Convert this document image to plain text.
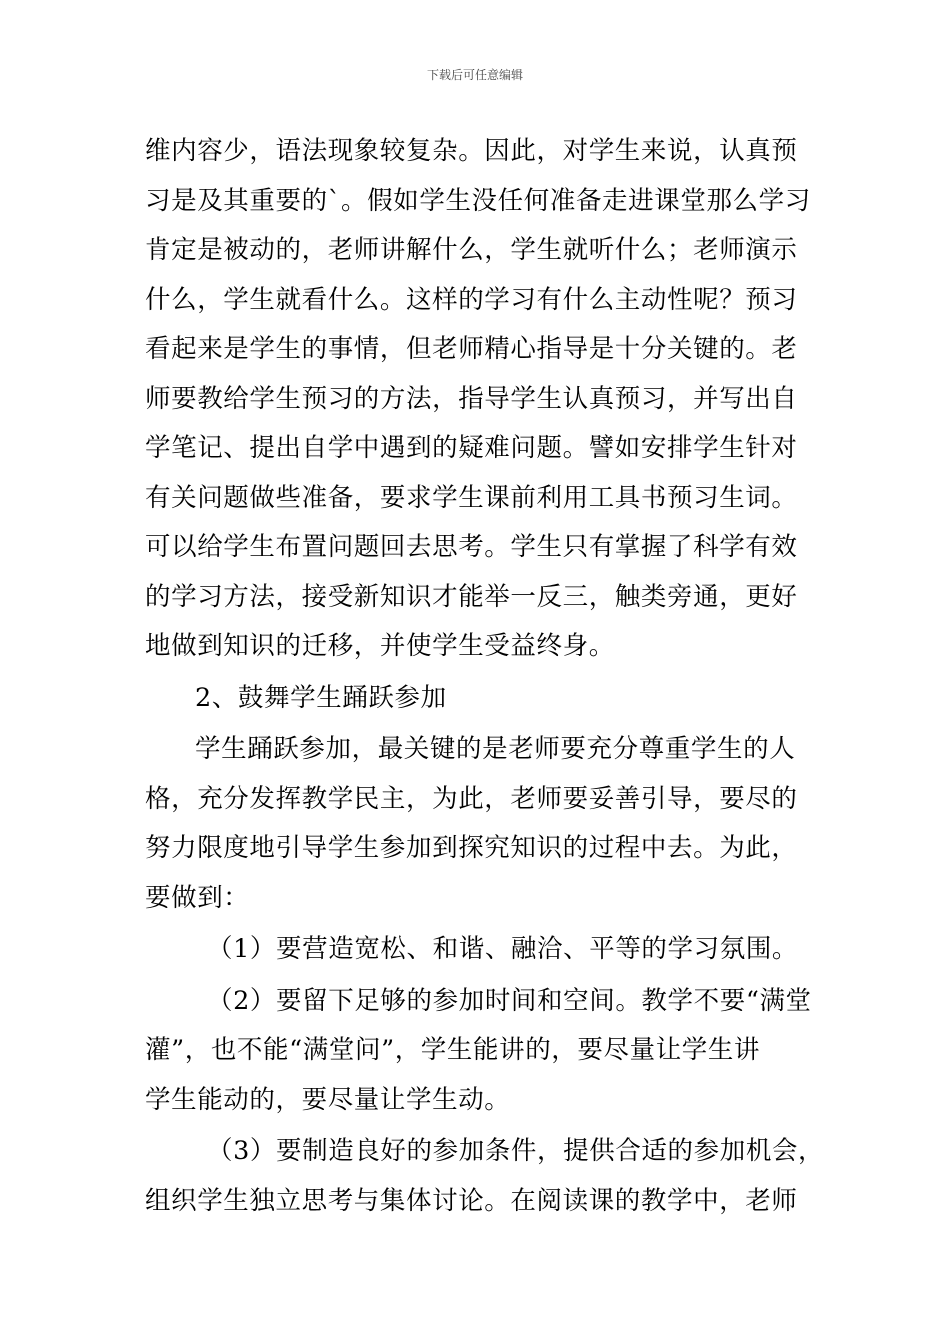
下载后可任意编辑
维内容少，语法现象较复杂。因此，对学生来说，认真预
习是及其重要的`。假如学生没任何准备走进课堂那么学习
肯定是被动的，老师讲解什么，学生就听什么；老师演示
什么，学生就看什么。这样的学习有什么主动性呢？预习
看起来是学生的事情，但老师精心指导是十分关键的。老
师要教给学生预习的方法，指导学生认真预习，并写出自
学笔记、提出自学中遇到的疑难问题。譬如安排学生针对
有关问题做些准备，要求学生课前利用工具书预习生词。
可以给学生布置问题回去思考。学生只有掌握了科学有效
的学习方法，接受新知识才能举一反三，触类旁通，更好
地做到知识的迁移，并使学生受益终身。
2、鼓舞学生踊跃参加
学生踊跃参加，最关键的是老师要充分尊重学生的人
格，充分发挥教学民主，为此，老师要妥善引导，要尽的
努力限度地引导学生参加到探究知识的过程中去。为此，
要做到：
（1）要营造宽松、和谐、融洽、平等的学习氛围。
（2）要留下足够的参加时间和空间。教学不要“满堂
灌”，也不能“满堂问”，学生能讲的，要尽量让学生讲
学生能动的，要尽量让学生动。
（3）要制造良好的参加条件，提供合适的参加机会，
组织学生独立思考与集体讨论。在阅读课的教学中，老师
